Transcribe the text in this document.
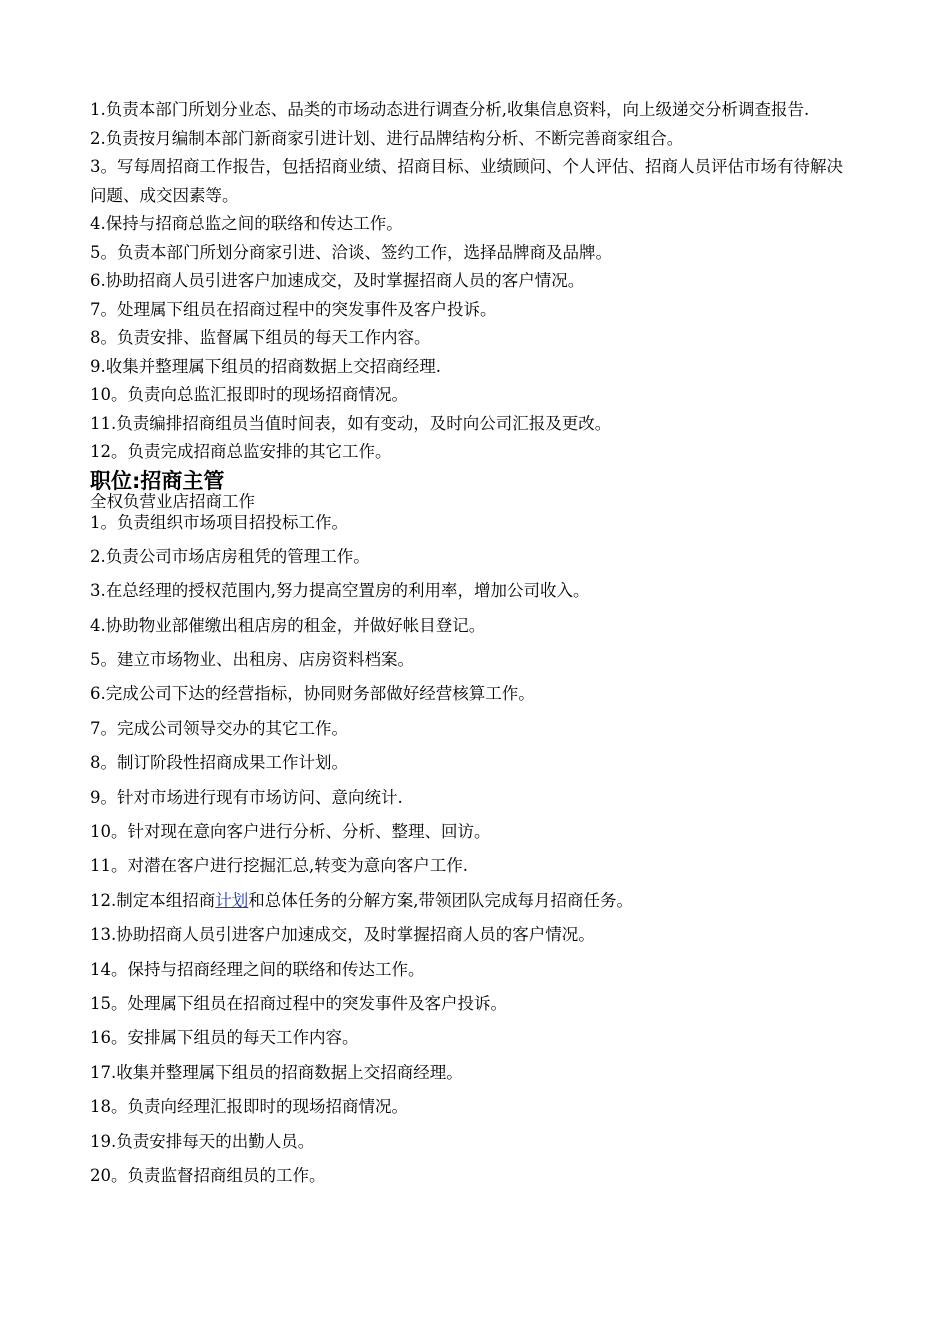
1.负责本部门所划分业态、品类的市场动态进行调查分析,收集信息资料，向上级递交分析调查报告.

2.负责按月编制本部门新商家引进计划、进行品牌结构分析、不断完善商家组合。

3。写每周招商工作报告，包括招商业绩、招商目标、业绩顾问、个人评估、招商人员评估市场有待解决问题、成交因素等。

4.保持与招商总监之间的联络和传达工作。

5。负责本部门所划分商家引进、洽谈、签约工作，选择品牌商及品牌。

6.协助招商人员引进客户加速成交，及时掌握招商人员的客户情况。

7。处理属下组员在招商过程中的突发事件及客户投诉。

8。负责安排、监督属下组员的每天工作内容。

9.收集并整理属下组员的招商数据上交招商经理.

10。负责向总监汇报即时的现场招商情况。

11.负责编排招商组员当值时间表，如有变动，及时向公司汇报及更改。

12。负责完成招商总监安排的其它工作。

职位:招商主管

全权负营业店招商工作

1。负责组织市场项目招投标工作。

2.负责公司市场店房租凭的管理工作。

3.在总经理的授权范围内,努力提高空置房的利用率，增加公司收入。

4.协助物业部催缴出租店房的租金，并做好帐目登记。

5。建立市场物业、出租房、店房资料档案。

6.完成公司下达的经营指标，协同财务部做好经营核算工作。

7。完成公司领导交办的其它工作。

8。制订阶段性招商成果工作计划。

9。针对市场进行现有市场访问、意向统计.

10。针对现在意向客户进行分析、分析、整理、回访。

11。对潜在客户进行挖掘汇总,转变为意向客户工作.

12.制定本组招商计划和总体任务的分解方案,带领团队完成每月招商任务。

13.协助招商人员引进客户加速成交，及时掌握招商人员的客户情况。

14。保持与招商经理之间的联络和传达工作。

15。处理属下组员在招商过程中的突发事件及客户投诉。

16。安排属下组员的每天工作内容。

17.收集并整理属下组员的招商数据上交招商经理。

18。负责向经理汇报即时的现场招商情况。

19.负责安排每天的出勤人员。

20。负责监督招商组员的工作。
